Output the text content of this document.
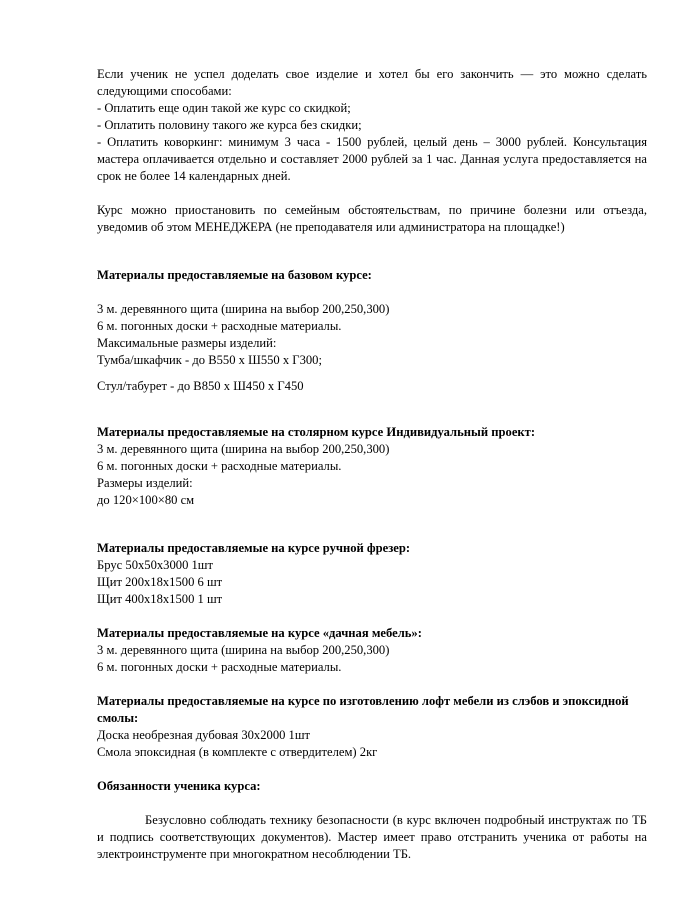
Если ученик не успел доделать свое изделие и хотел бы его закончить — это можно сделать следующими способами:

- Оплатить еще один такой же курс со скидкой;

- Оплатить половину такого же курса без скидки;

- Оплатить коворкинг: минимум 3 часа - 1500 рублей, целый день – 3000 рублей. Консультация мастера оплачивается отдельно и составляет 2000 рублей за 1 час. Данная услуга предоставляется на срок не более 14 календарных дней.

Курс можно приостановить по семейным обстоятельствам, по причине болезни или отъезда, уведомив об этом МЕНЕДЖЕРА (не преподавателя или администратора на площадке!)

Материалы предоставляемые на базовом курсе:

3 м. деревянного щита (ширина на выбор 200,250,300)

6 м. погонных доски + расходные материалы.

Максимальные размеры изделий:

Тумба/шкафчик - до В550 х Ш550 х Г300;

Стул/табурет - до В850 х Ш450 х Г450

Материалы предоставляемые на столярном курсе Индивидуальный проект:

3 м. деревянного щита (ширина на выбор 200,250,300)

6 м. погонных доски + расходные материалы.

Размеры изделий:

до 120×100×80 см

Материалы предоставляемые на курсе ручной фрезер:

Брус 50х50х3000 1шт

Щит 200х18х1500 6 шт

Щит 400х18х1500 1 шт

Материалы предоставляемые на курсе «дачная мебель»:

3 м. деревянного щита (ширина на выбор 200,250,300)

6 м. погонных доски + расходные материалы.

Материалы предоставляемые на курсе по изготовлению лофт мебели из слэбов и эпоксидной смолы:

Доска необрезная дубовая 30х2000 1шт

Смола эпоксидная (в комплекте с отвердителем) 2кг

Обязанности ученика курса:

Безусловно соблюдать технику безопасности (в курс включен подробный инструктаж по ТБ и подпись соответствующих документов). Мастер имеет право отстранить ученика от работы на электроинструменте при многократном несоблюдении ТБ.
